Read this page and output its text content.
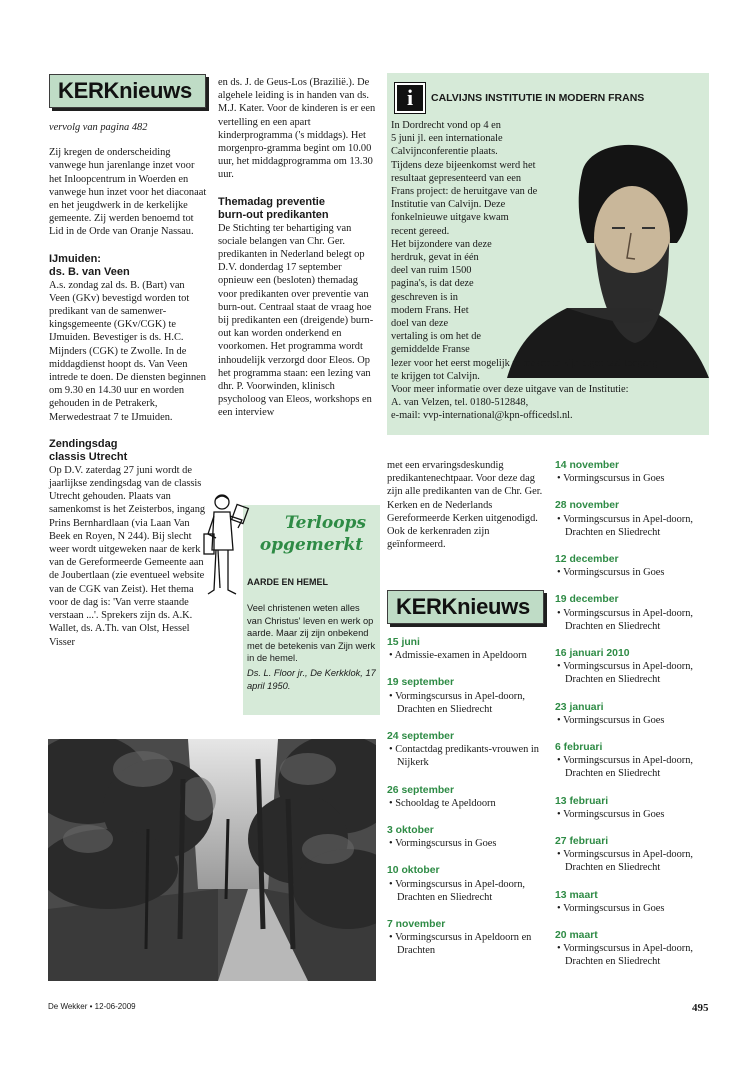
KERKnieuws

vervolg van pagina 482

Zij kregen de onderscheiding vanwege hun jarenlange inzet voor het Inloopcentrum in Woerden en vanwege hun inzet voor het diaconaat en het jeugdwerk in de kerkelijke gemeente. Zij werden benoemd tot Lid in de Orde van Oranje Nassau.

IJmuiden:
ds. B. van Veen

A.s. zondag zal ds. B. (Bart) van Veen (GKv) bevestigd worden tot predikant van de samenwer-kingsgemeente (GKv/CGK) te IJmuiden. Bevestiger is ds. H.C. Mijnders (CGK) te Zwolle. In de middagdienst hoopt ds. Van Veen intrede te doen. De diensten beginnen om 9.30 en 14.30 uur en worden gehouden in de Petrakerk, Merwedestraat 7 te IJmuiden.

Zendingsdag
classis Utrecht

Op D.V. zaterdag 27 juni wordt de jaarlijkse zendingsdag van de classis Utrecht gehouden. Plaats van samenkomst is het Zeisterbos, ingang Prins Bernhardlaan (via Laan Van Beek en Royen, N 244). Bij slecht weer wordt uitgeweken naar de kerk van de Gereformeerde Gemeente aan de Joubertlaan (zie eventueel website van de CGK van Zeist). Het thema voor de dag is: 'Van verre staande verstaan ...'. Sprekers zijn ds. A.K. Wallet, ds. A.Th. van Olst, Hessel Visser

en ds. J. de Geus-Los (Brazilië.). De algehele leiding is in handen van ds. M.J. Kater. Voor de kinderen is er een vertelling en een apart kinderprogramma ('s middags). Het morgenpro-gramma begint om 10.00 uur, het middagprogramma om 13.30 uur.

Themadag preventie
burn-out predikanten

De Stichting ter behartiging van sociale belangen van Chr. Ger. predikanten in Nederland belegt op D.V. donderdag 17 september opnieuw een (besloten) themadag voor predikanten over preventie van burn-out. Centraal staat de vraag hoe bij predikanten een (dreigende) burn-out kan worden onderkend en voorkomen. Het programma wordt inhoudelijk verzorgd door Eleos. Op het programma staan: een lezing van dhr. P. Voorwinden, klinisch psycholoog van Eleos, workshops en een interview

Terloops
opgemerkt
AARDE EN HEMEL
Veel christenen weten alles van Christus' leven en werk op aarde. Maar zij zijn onbekend met de betekenis van Zijn werk in de hemel.
Ds. L. Floor jr., De Kerkklok, 17 april 1950.
i	CALVIJNS INSTITUTIE IN MODERN FRANS
In Dordrecht vond op 4 en
5 juni jl. een internationale
Calvijnconferentie plaats.
Tijdens deze bijeenkomst werd het
resultaat gepresenteerd van een
Frans project: de heruitgave van de
Institutie van Calvijn. Deze
fonkelnieuwe uitgave kwam
recent gereed.
Het bijzondere van deze
herdruk, gevat in één
deel van ruim 1500
pagina's, is dat deze
geschreven is in
modern Frans. Het
doel van deze
vertaling is om het de
gemiddelde Franse
lezer voor het eerst mogelijk te maken in zijn eigen taal toegang
te krijgen tot Calvijn.
Voor meer informatie over deze uitgave van de Institutie:
A. van Velzen, tel. 0180-512848,
e-mail: vvp-international@kpn-officedsl.nl.
met een ervaringsdeskundig predikantenechtpaar. Voor deze dag zijn alle predikanten van de Chr. Ger. Kerken en de Nederlands Gereformeerde Kerken uitgenodigd. Ook de kerkenraden zijn geïnformeerd.
KERKnieuws
15 juni
• Admissie-examen in Apeldoorn
19 september
• Vormingscursus in Apel-doorn, Drachten en Sliedrecht
24 september
• Contactdag predikants-vrouwen in Nijkerk
26 september
• Schooldag te Apeldoorn
3 oktober
• Vormingscursus in Goes
10 oktober
• Vormingscursus in Apel-doorn, Drachten en Sliedrecht
7 november
• Vormingscursus in Apeldoorn en Drachten
14 november
• Vormingscursus in Goes
28 november
• Vormingscursus in Apel-doorn, Drachten en Sliedrecht
12 december
• Vormingscursus in Goes
19 december
• Vormingscursus in Apel-doorn, Drachten en Sliedrecht
16 januari 2010
• Vormingscursus in Apel-doorn, Drachten en Sliedrecht
23 januari
• Vormingscursus in Goes
6 februari
• Vormingscursus in Apel-doorn, Drachten en Sliedrecht
13 februari
• Vormingscursus in Goes
27 februari
• Vormingscursus in Apel-doorn, Drachten en Sliedrecht
13 maart
• Vormingscursus in Goes
20 maart
• Vormingscursus in Apel-doorn, Drachten en Sliedrecht
De Wekker • 12-06-2009	495
